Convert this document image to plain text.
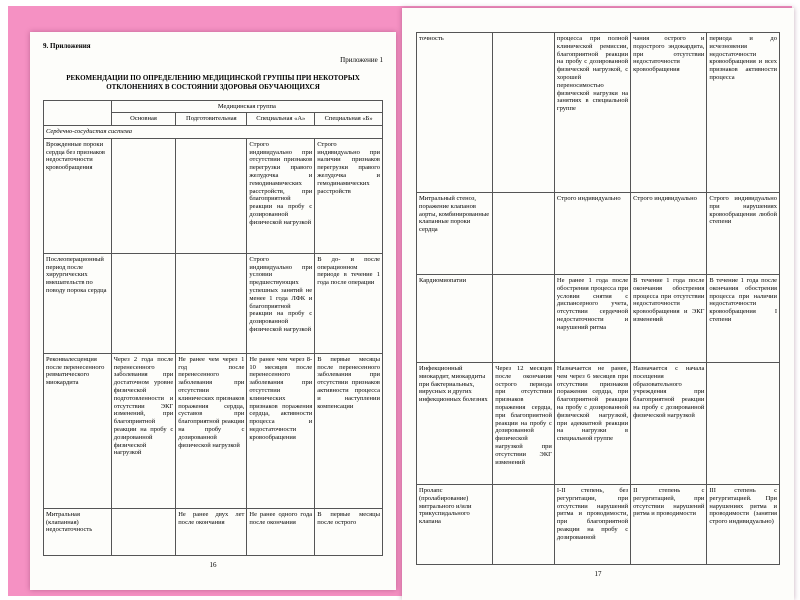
9. Приложения
Приложение 1
РЕКОМЕНДАЦИИ ПО ОПРЕДЕЛЕНИЮ МЕДИЦИНСКОЙ ГРУППЫ ПРИ НЕКОТОРЫХ ОТКЛОНЕНИЯХ В СОСТОЯНИИ ЗДОРОВЬЯ ОБУЧАЮЩИХСЯ
	Медицинская группа			
	Основная	Подготовительная	Специальная «А»	Специальная «Б»
Сердечно-сосудистая система				
Врожденные пороки сердца без признаков недостаточности кровообращения			Строго индивидуально при отсутствии признаков перегрузки правого желудочка и гемодинамических расстройств, при благоприятной реакции на пробу с дозированной физической нагрузкой	Строго индивидуально при наличии признаков перегрузки правого желудочка и гемодинамических расстройств
Послеоперационный период после хирургических вмешательств по поводу порока сердца			Строго индивидуально при условии предшествующих успешных занятий не менее 1 года ЛФК и благоприятной реакции на пробу с дозированной физической нагрузкой	В до- и после операционном периоде в течение 1 года после операции
Реконвалесценция после перенесенного ревматического миокардита	Через 2 года после перенесенного заболевания при достаточном уровне физической подготовленности и отсутствии ЭКГ изменений, при благоприятной реакции на пробу с дозированной физической нагрузкой	Не ранее чем через 1 год после перенесенного заболевания при отсутствии клинических признаков поражения сердца, суставов при благоприятной реакции на пробу с дозированной физической нагрузкой	Не ранее чем через 8-10 месяцев после перенесенного заболевания при отсутствии клинических признаков поражения сердца, активности процесса и недостаточности кровообращения	В первые месяцы после перенесенного заболевания при отсутствии признаков активности процесса и наступлении компенсации
Митральная (клапанная) недостаточность		Не ранее двух лет после окончания	Не ранее одного года после окончания	В первые месяцы после острого
16
точность		процесса при полной клинической ремиссии, благоприятной реакции на пробу с дозированной физической нагрузкой, с хорошей переносимостью физической нагрузки на занятиях в специальной группе	чания острого и подострого эндокардита, при отсутствии недостаточности кровообращения	периода и до исчезновения недостаточности кровообращения и всех признаков активности процесса
Митральный стеноз, поражение клапанов аорты, комбинированные клапанные пороки сердца		Строго индивидуально	Строго индивидуально	Строго индивидуально при нарушениях кровообращения любой степени
Кардиомиопатии		Не ранее 1 года после обострения процесса при условии снятия с диспансерного учета, отсутствии сердечной недостаточности и нарушений ритма	В течение 1 года после окончания обострения процесса при отсутствии недостаточности кровообращения и ЭКГ изменений	В течение 1 года после окончания обострения процесса при наличии недостаточности кровообращения I степени
Инфекционный миокардит, миокардиты при бактериальных, вирусных и других инфекционных болезнях	Через 12 месяцев после окончания острого периода при отсутствии признаков поражения сердца, при благоприятной реакции на пробу с дозированной физической нагрузкой при отсутствии ЭКГ изменений	Назначается не ранее, чем через 6 месяцев при отсутствии признаков поражения сердца, при благоприятной реакции на пробу с дозированной физической нагрузкой, при адекватной реакции на нагрузки в специальной группе	Назначается с начала посещения образовательного учреждения при благоприятной реакции на пробу с дозированной физической нагрузкой	
Пролапс (пролабирование) митрального и/или трикуспидального клапана		I-II степень, без регургитации, при отсутствии нарушений ритма и проводимости, при благоприятной реакции на пробу с дозированной	II степень с регургитацией, при отсутствии нарушений ритма и проводимости	III степень с регургитацией. При нарушениях ритма и проводимости (занятия строго индивидуально)
17
